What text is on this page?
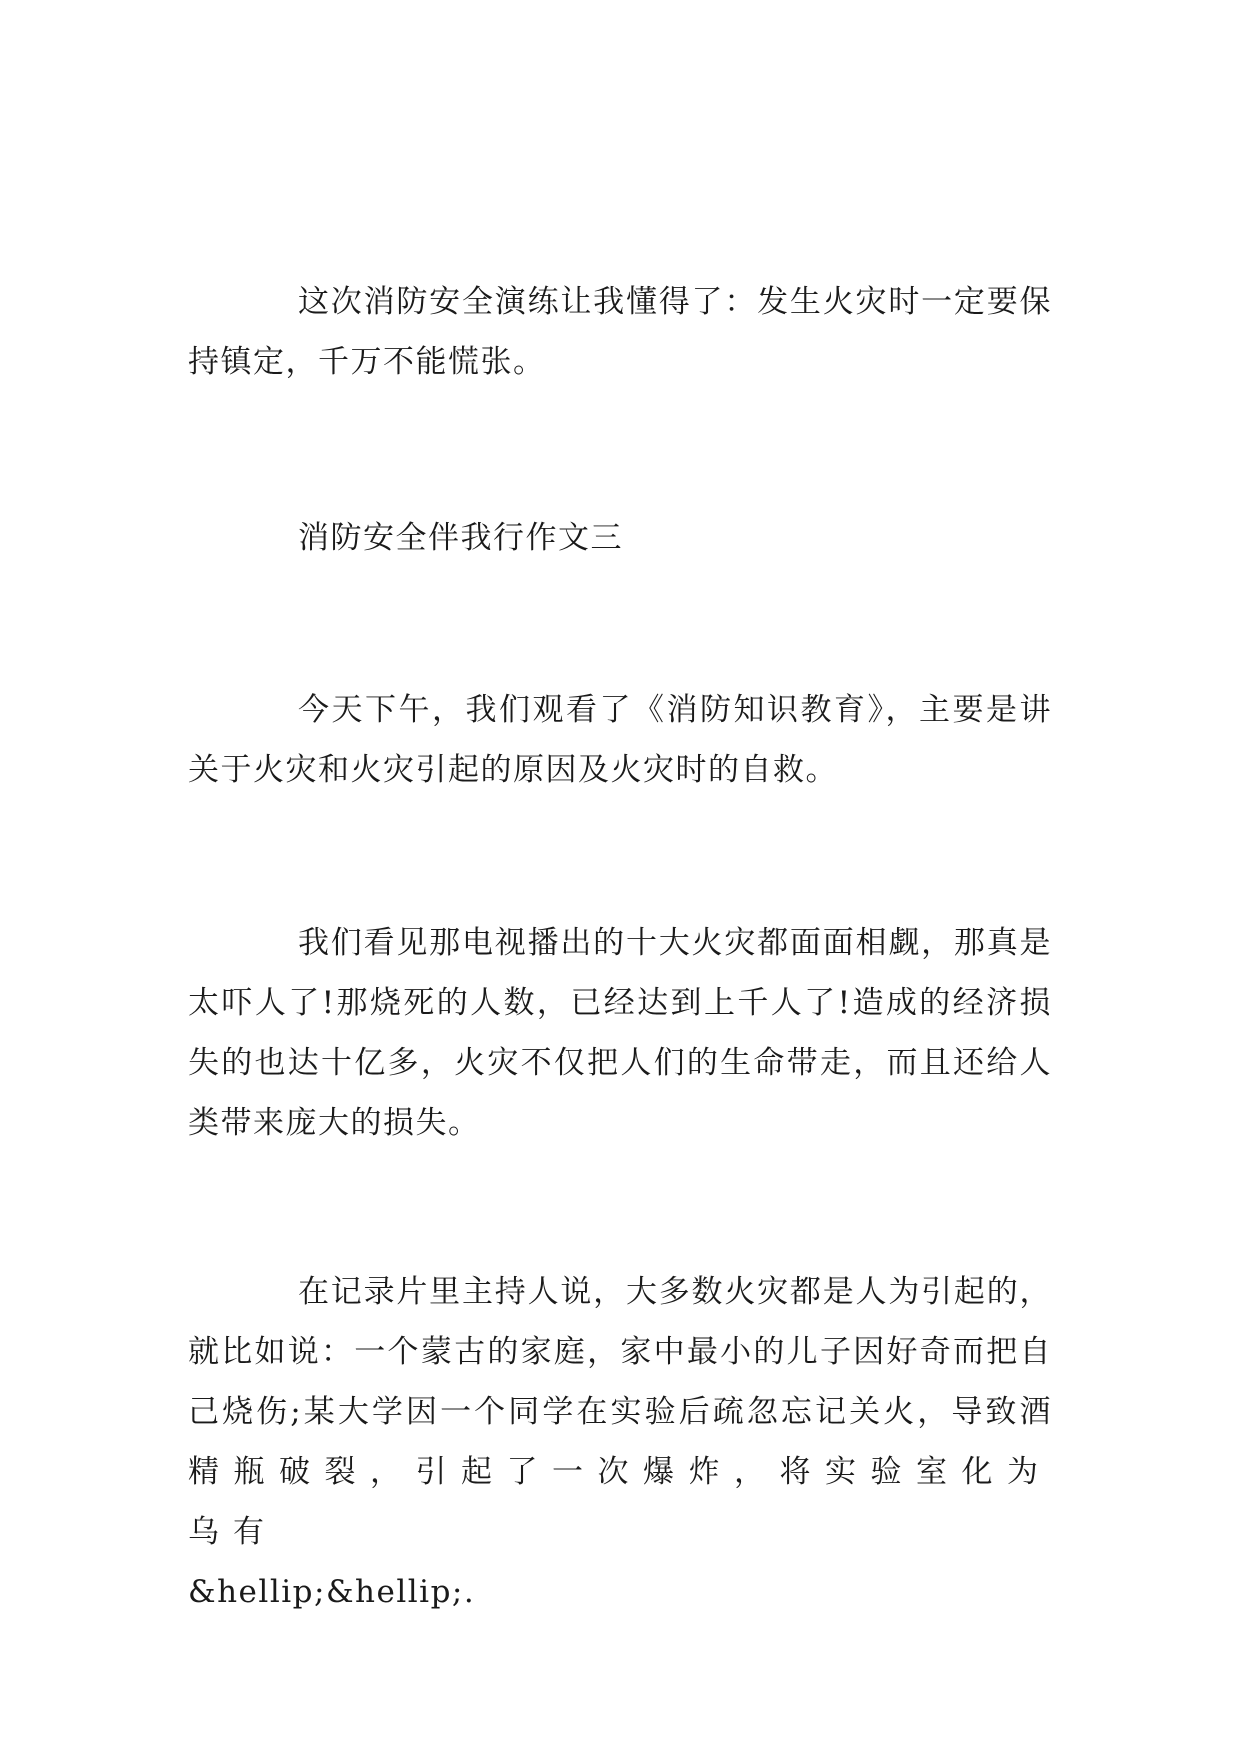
这次消防安全演练让我懂得了：发生火灾时一定要保持镇定，千万不能慌张。

消防安全伴我行作文三

今天下午，我们观看了《消防知识教育》，主要是讲关于火灾和火灾引起的原因及火灾时的自救。

我们看见那电视播出的十大火灾都面面相觑，那真是太吓人了!那烧死的人数，已经达到上千人了!造成的经济损失的也达十亿多，火灾不仅把人们的生命带走，而且还给人类带来庞大的损失。

在记录片里主持人说，大多数火灾都是人为引起的，就比如说：一个蒙古的家庭，家中最小的儿子因好奇而把自己烧伤;某大学因一个同学在实验后疏忽忘记关火，导致酒精瓶破裂，引起了一次爆炸，将实验室化为乌有
&hellip;&hellip;.
